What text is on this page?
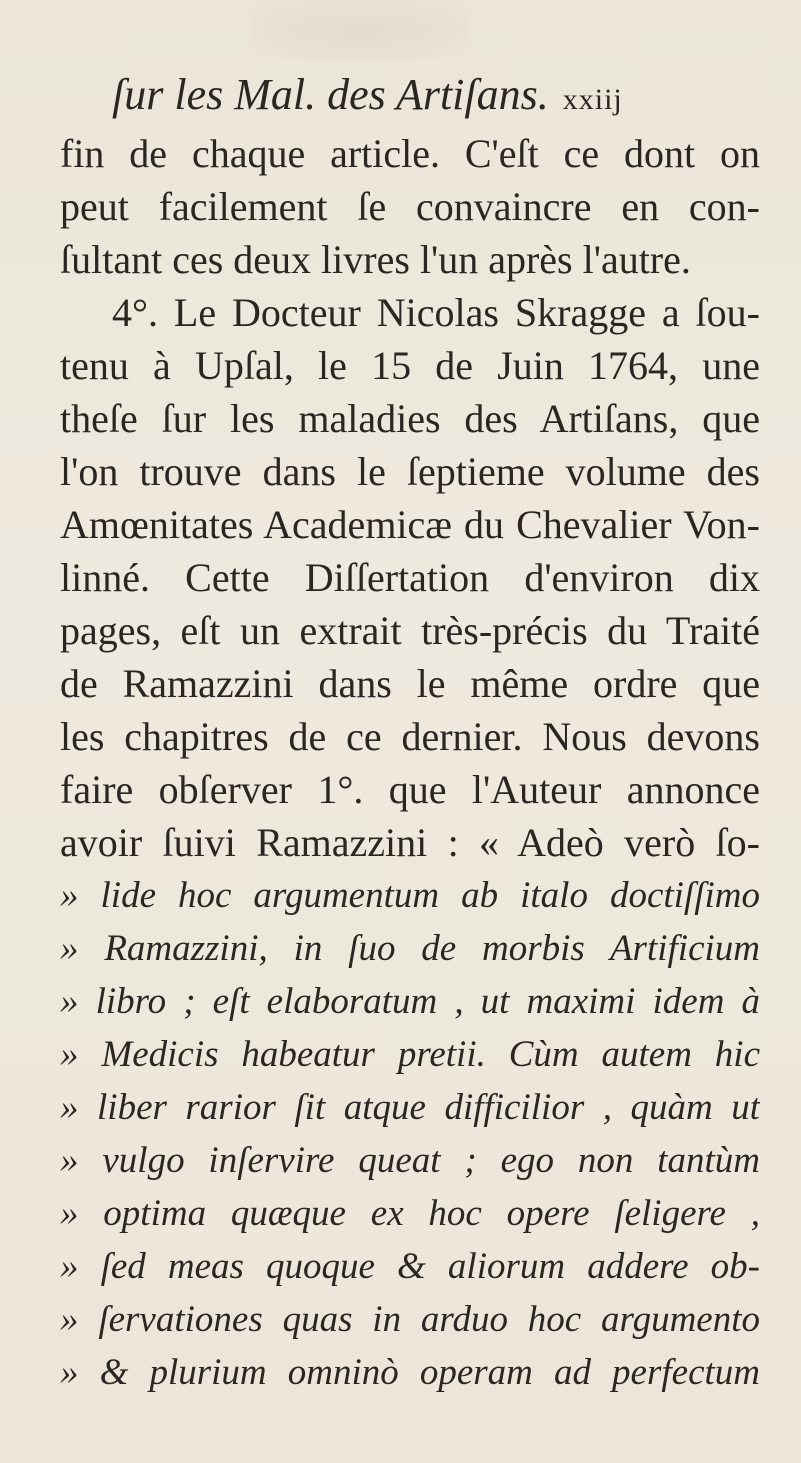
ſur les Mal. des Artiſans. xxiij
fin de chaque article. C'eſt ce dont on
peut facilement ſe convaincre en con-
ſultant ces deux livres l'un après l'autre.
4°. Le Docteur Nicolas Skragge a ſou-
tenu à Upſal, le 15 de Juin 1764, une
theſe ſur les maladies des Artiſans, que
l'on trouve dans le ſeptieme volume des
Amœnitates Academicæ du Chevalier Von-
linné. Cette Diſſertation d'environ dix
pages, eſt un extrait très-précis du Traité
de Ramazzini dans le même ordre que
les chapitres de ce dernier. Nous devons
faire obſerver 1°. que l'Auteur annonce
avoir ſuivi Ramazzini : « Adeò verò ſo-
» lide hoc argumentum ab italo doctiſſimo
» Ramazzini, in ſuo de morbis Artificium
» libro ; eſt elaboratum , ut maximi idem à
» Medicis habeatur pretii. Cùm autem hic
» liber rarior ſit atque difficilior , quàm ut
» vulgo inſervire queat ; ego non tantùm
» optima quæque ex hoc opere ſeligere ,
» ſed meas quoque & aliorum addere ob-
» ſervationes quas in arduo hoc argumento
» & plurium omninò operam ad perfectum
